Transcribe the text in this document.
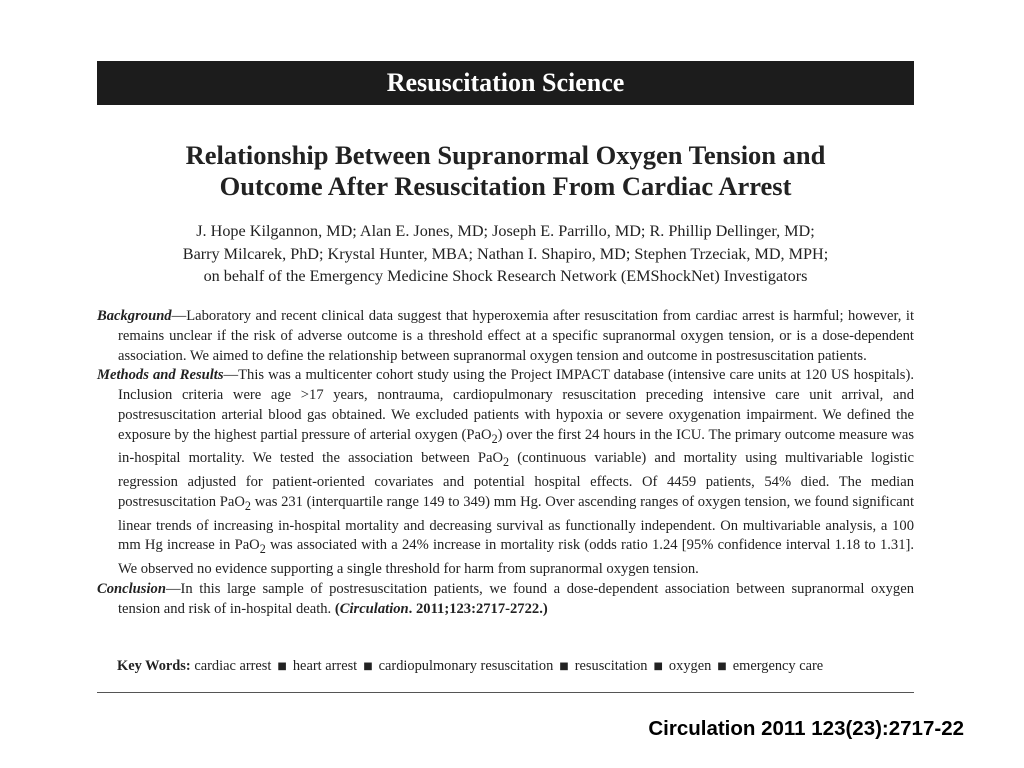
Resuscitation Science
Relationship Between Supranormal Oxygen Tension and
Outcome After Resuscitation From Cardiac Arrest
J. Hope Kilgannon, MD; Alan E. Jones, MD; Joseph E. Parrillo, MD; R. Phillip Dellinger, MD;
Barry Milcarek, PhD; Krystal Hunter, MBA; Nathan I. Shapiro, MD; Stephen Trzeciak, MD, MPH;
on behalf of the Emergency Medicine Shock Research Network (EMShockNet) Investigators

Background—Laboratory and recent clinical data suggest that hyperoxemia after resuscitation from cardiac arrest is harmful; however, it remains unclear if the risk of adverse outcome is a threshold effect at a specific supranormal oxygen tension, or is a dose-dependent association. We aimed to define the relationship between supranormal oxygen tension and outcome in postresuscitation patients.

Methods and Results—This was a multicenter cohort study using the Project IMPACT database (intensive care units at 120 US hospitals). Inclusion criteria were age >17 years, nontrauma, cardiopulmonary resuscitation preceding intensive care unit arrival, and postresuscitation arterial blood gas obtained. We excluded patients with hypoxia or severe oxygenation impairment. We defined the exposure by the highest partial pressure of arterial oxygen (PaO$_2$) over the first 24 hours in the ICU. The primary outcome measure was in-hospital mortality. We tested the association between PaO$_2$ (continuous variable) and mortality using multivariable logistic regression adjusted for patient-oriented covariates and potential hospital effects. Of 4459 patients, 54% died. The median postresuscitation PaO$_2$ was 231 (interquartile range 149 to 349) mm Hg. Over ascending ranges of oxygen tension, we found significant linear trends of increasing in-hospital mortality and decreasing survival as functionally independent. On multivariable analysis, a 100 mm Hg increase in PaO$_2$ was associated with a 24% increase in mortality risk (odds ratio 1.24 [95% confidence interval 1.18 to 1.31]. We observed no evidence supporting a single threshold for harm from supranormal oxygen tension.

Conclusion—In this large sample of postresuscitation patients, we found a dose-dependent association between supranormal oxygen tension and risk of in-hospital death. (Circulation. 2011;123:2717-2722.)

Key Words: cardiac arrest ■ heart arrest ■ cardiopulmonary resuscitation ■ resuscitation ■ oxygen ■ emergency care
Circulation 2011 123(23):2717-22
